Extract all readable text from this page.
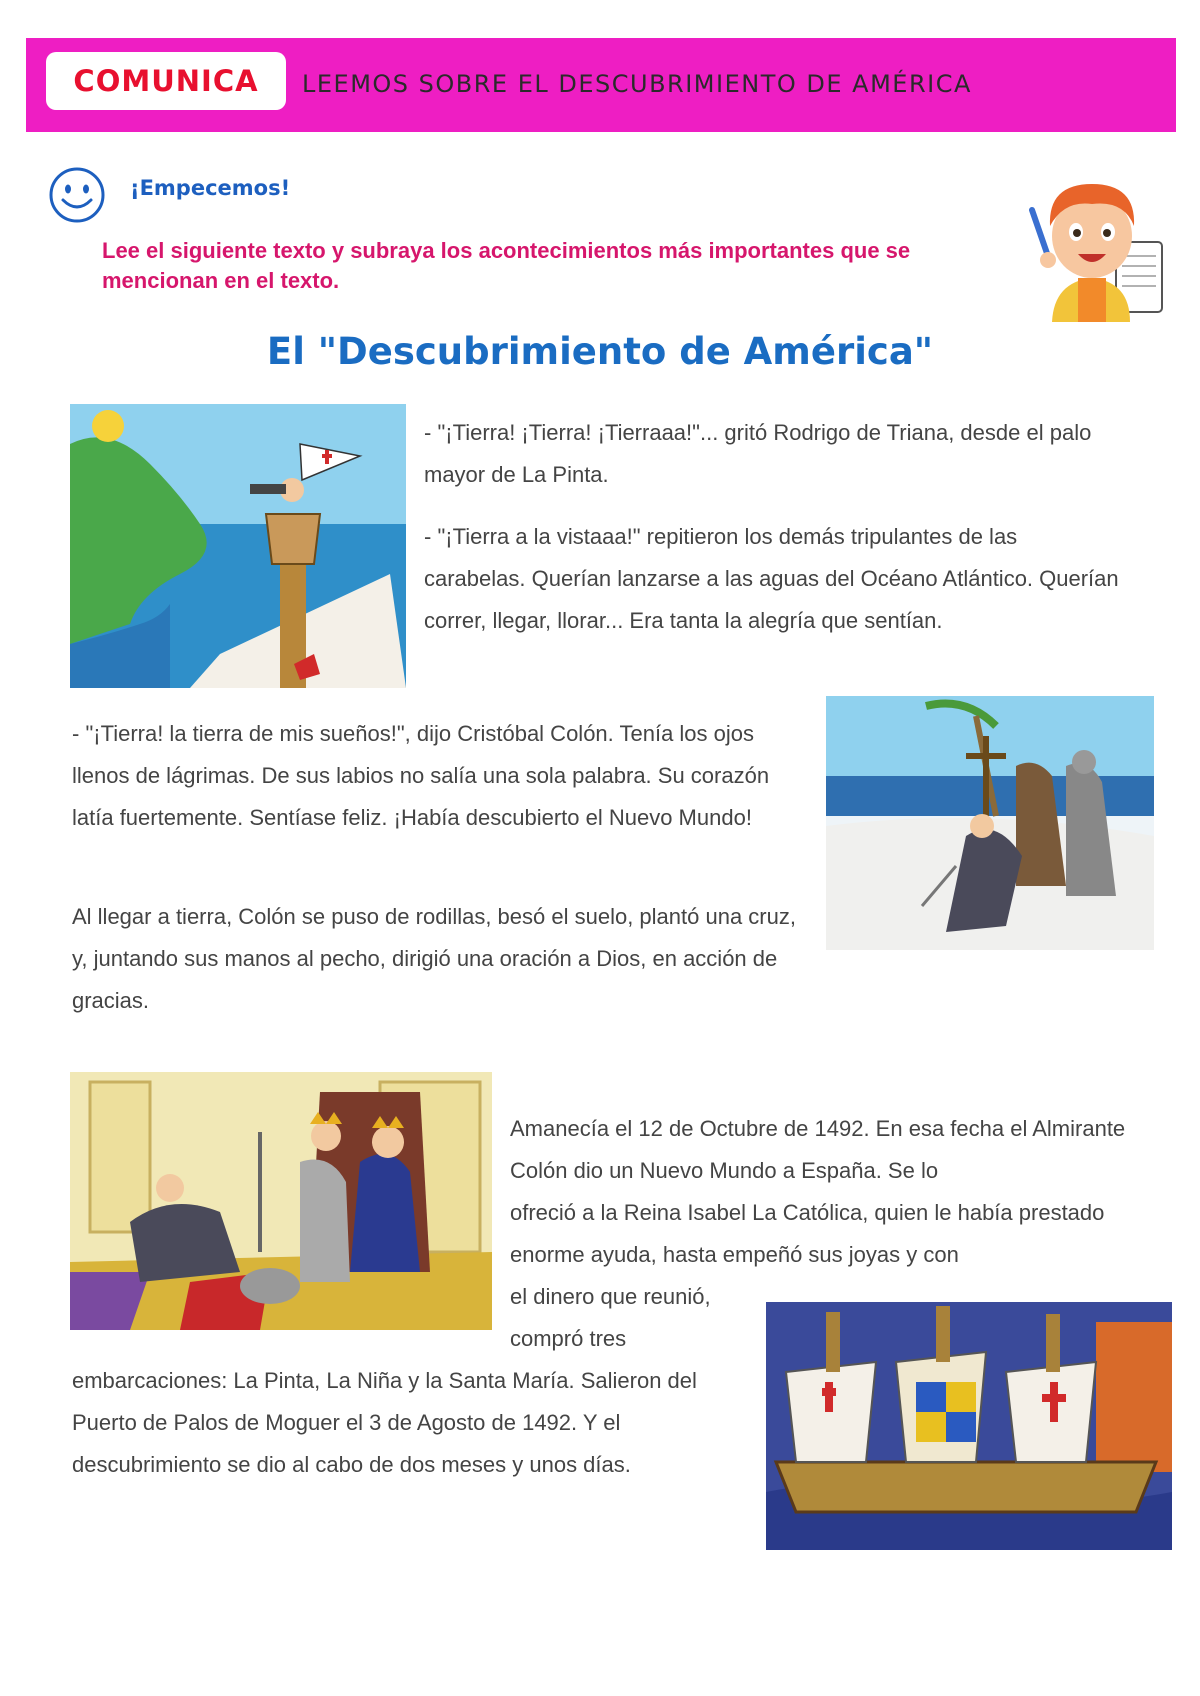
COMUNICA	LEEMOS SOBRE EL DESCUBRIMIENTO DE AMÉRICA
¡Empecemos!
Lee el siguiente texto y subraya los acontecimientos más importantes que se mencionan en el texto.
El "Descubrimiento de América"
- "¡Tierra! ¡Tierra! ¡Tierraaa!"... gritó Rodrigo de Triana, desde el palo mayor de La Pinta.
- "¡Tierra a la vistaaa!" repitieron los demás tripulantes de las carabelas. Querían lanzarse a las aguas del Océano Atlántico. Querían correr, llegar, llorar... Era tanta la alegría que sentían.
- "¡Tierra! la tierra de mis sueños!", dijo Cristóbal Colón. Tenía los ojos llenos de lágrimas. De sus labios no salía una sola palabra. Su corazón latía fuertemente. Sentíase feliz. ¡Había descubierto el Nuevo Mundo!
Al llegar a tierra, Colón se puso de rodillas, besó el suelo, plantó una cruz, y, juntando sus manos al pecho, dirigió una oración a Dios, en acción de gracias.
Amanecía el 12 de Octubre de 1492. En esa fecha el Almirante Colón dio un Nuevo Mundo a España. Se lo
ofreció a la Reina Isabel La Católica, quien le había prestado enorme ayuda, hasta empeñó sus joyas y con
el dinero que reunió,
compró tres
embarcaciones: La Pinta, La Niña y la Santa María. Salieron del Puerto de Palos de Moguer el 3 de Agosto de 1492. Y el descubrimiento se dio al cabo de dos meses y unos días.
